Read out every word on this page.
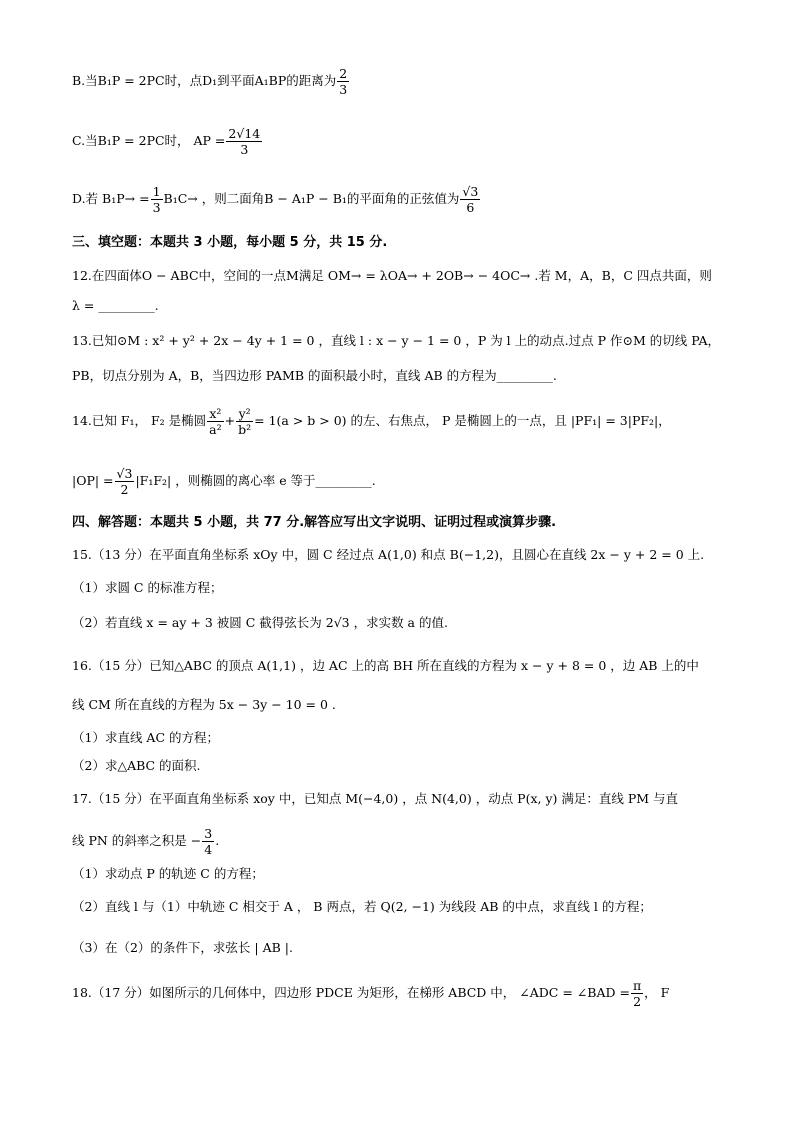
B.当B₁P = 2PC时，点D₁到平面A₁BP的距离为 $\frac{2}{3}$
C.当B₁P = 2PC时， AP = $\frac{2√14}{3}$
D.若 $B_1P\to = \frac{1}{3} B_1C\to$ ，则二面角B − A₁P − B₁的平面角的正弦值为 $\frac{√3}{6}$
三、填空题：本题共 3 小题，每小题 5 分，共 15 分.
12.在四面体O − ABC中，空间的一点M满足 OM→ = λOA→ + 2OB→ − 4OC→ .若 M，A，B，C 四点共面，则
λ = _________.
13.已知⊙M : x² + y² + 2x − 4y + 1 = 0 ，直线 l : x − y − 1 = 0 ，P 为 l 上的动点.过点 P 作⊙M 的切线 PA，
PB，切点分别为 A，B，当四边形 PAMB 的面积最小时，直线 AB 的方程为_________.
14.已知 F₁， F₂ 是椭圆 $\frac{\text{x²}}{\text{a²}} + \frac{\text{y²}}{\text{b²}} = 1(a > b > 0)$ 的左、右焦点， P 是椭圆上的一点，且 |PF₁| = 3|PF₂|，
$|OP| = \frac{√3}{2} |F_1F_2|$ ，则椭圆的离心率 e 等于_________.
四、解答题：本题共 5 小题，共 77 分.解答应写出文字说明、证明过程或演算步骤.
15.（13 分）在平面直角坐标系 xOy 中，圆 C 经过点 A(1,0) 和点 B(−1,2)，且圆心在直线 2x − y + 2 = 0 上.
（1）求圆 C 的标准方程；
（2）若直线 x = ay + 3 被圆 C 截得弦长为 2√3 ，求实数 a 的值.
16.（15 分）已知△ABC 的顶点 A(1,1) ，边 AC 上的高 BH 所在直线的方程为 x − y + 8 = 0 ，边 AB 上的中
线 CM 所在直线的方程为 5x − 3y − 10 = 0 .
（1）求直线 AC 的方程；
（2）求△ABC 的面积.
17.（15 分）在平面直角坐标系 xoy 中，已知点 M(−4,0) ，点 N(4,0) ，动点 P(x, y) 满足：直线 PM 与直
线 PN 的斜率之积是 − $\frac{3}{4}$ .
（1）求动点 P 的轨迹 C 的方程；
（2）直线 l 与（1）中轨迹 C 相交于 A ， B 两点，若 Q(2, −1) 为线段 AB 的中点，求直线 l 的方程；
（3）在（2）的条件下，求弦长 | AB |.
18.（17 分）如图所示的几何体中，四边形 PDCE 为矩形，在梯形 ABCD 中， ∠ADC = ∠BAD = $\frac{\pi}{2}$ ， F
